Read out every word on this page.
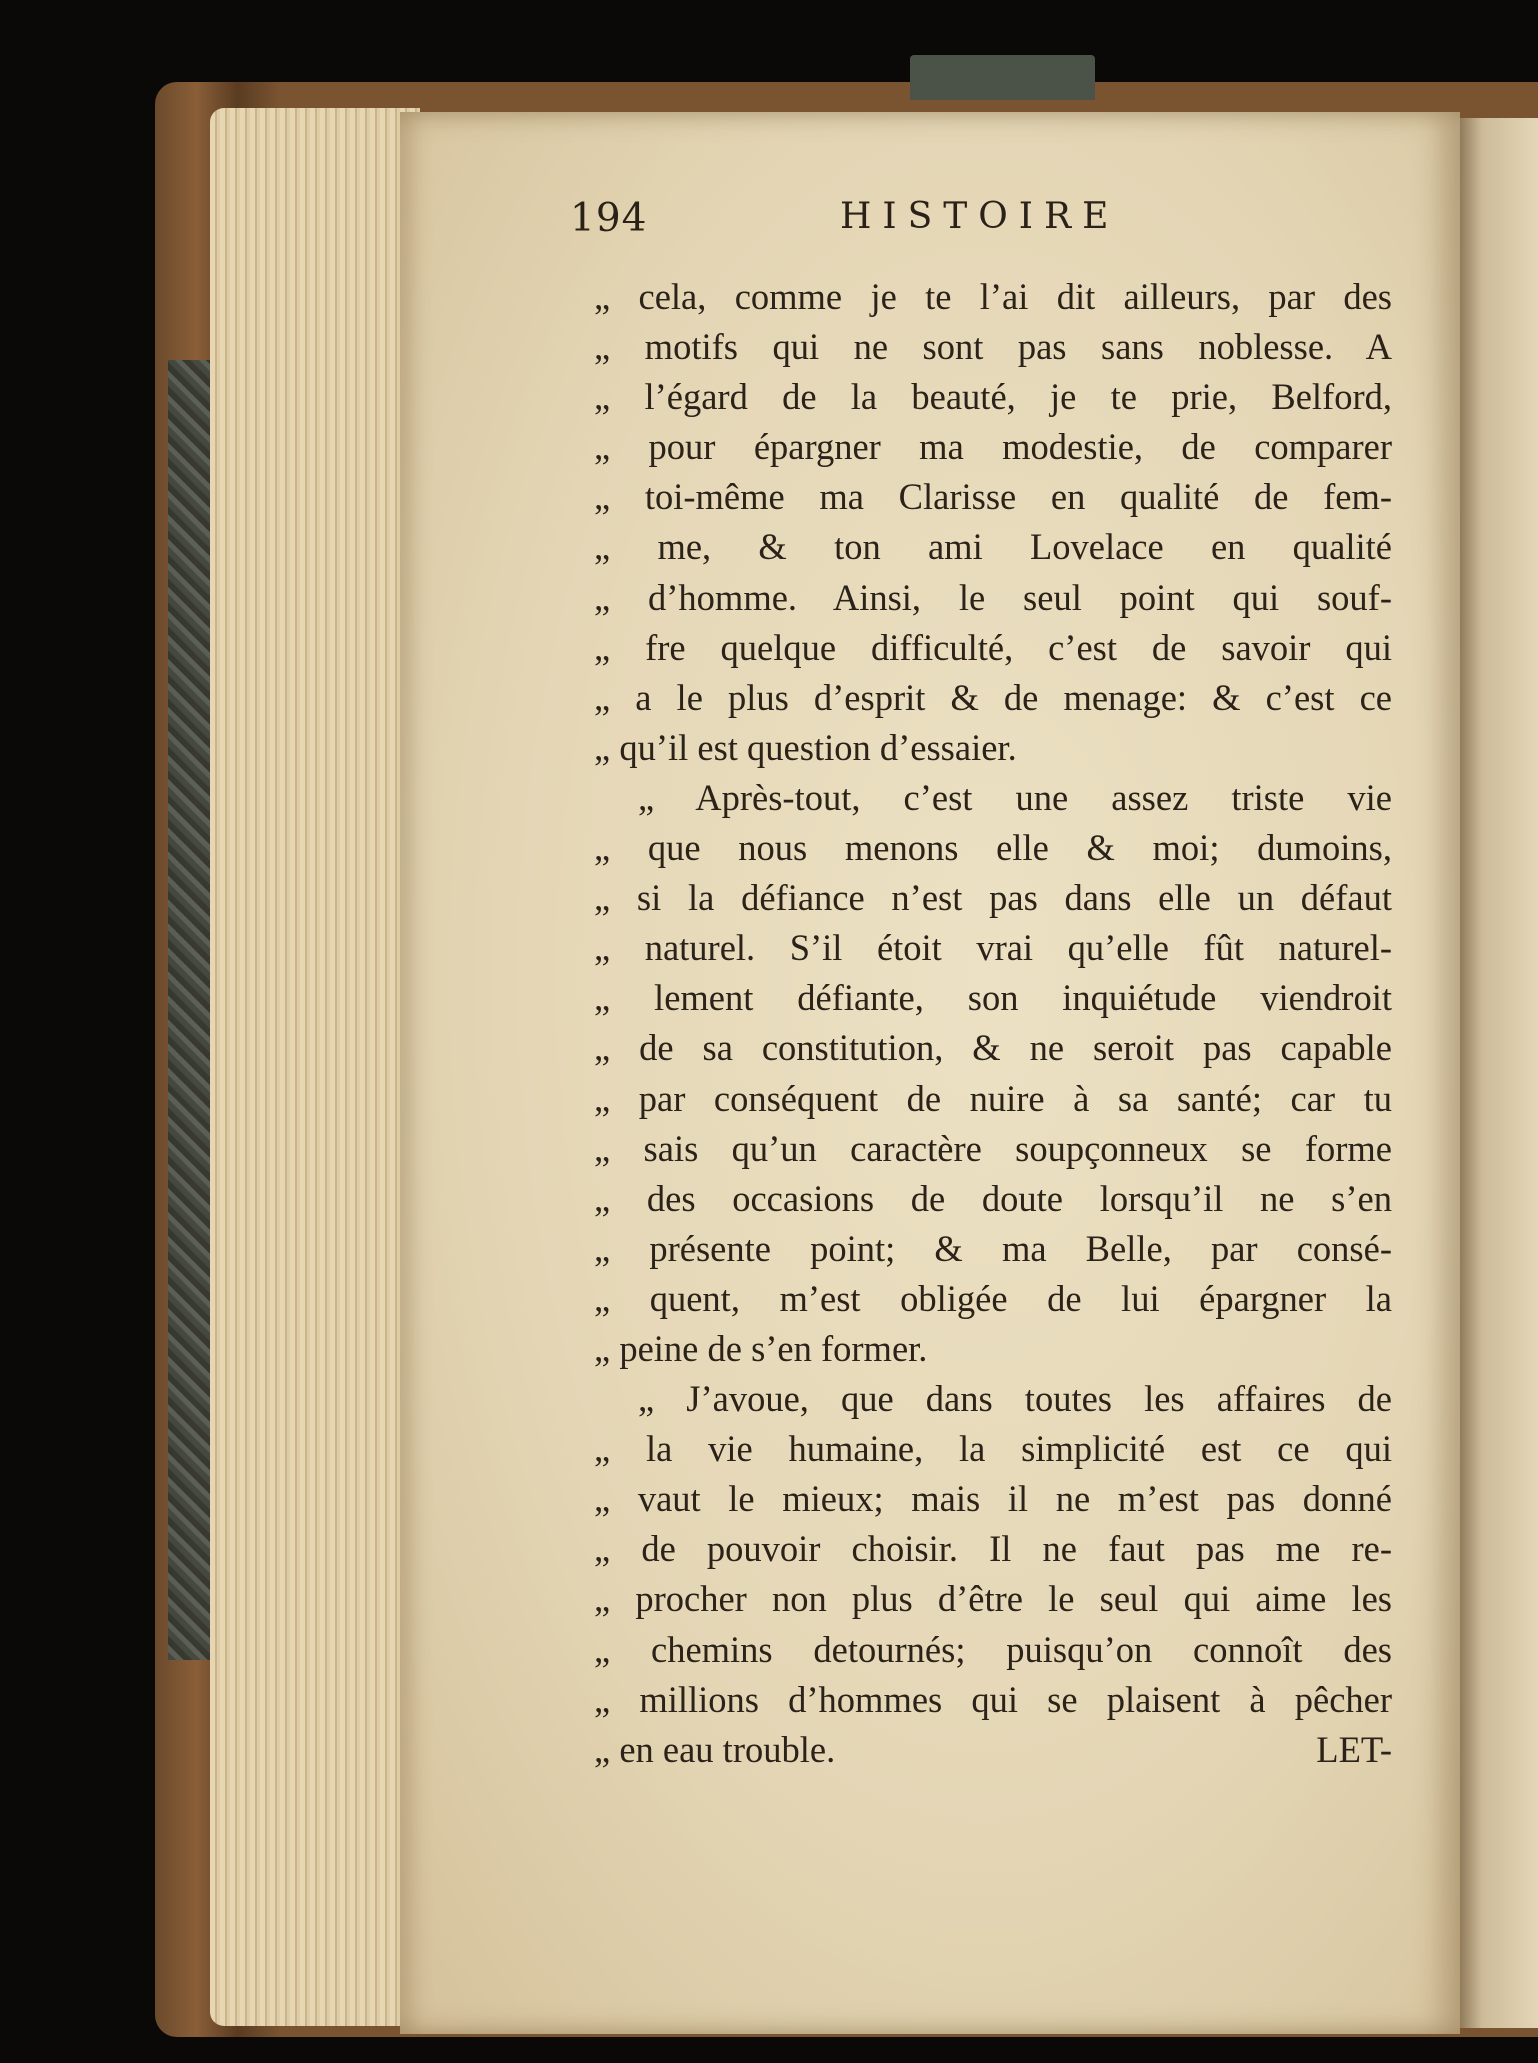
194	HISTOIRE
„ cela, comme je te l’ai dit ailleurs, par des
„ motifs qui ne sont pas sans noblesse. A
„ l’égard de la beauté, je te prie, Belford,
„ pour épargner ma modestie, de comparer
„ toi-même ma Clarisse en qualité de fem-
„ me, & ton ami Lovelace en qualité
„ d’homme. Ainsi, le seul point qui souf-
„ fre quelque difficulté, c’est de savoir qui
„ a le plus d’esprit & de menage: & c’est ce
„ qu’il est question d’essaier.
„ Après-tout, c’est une assez triste vie
„ que nous menons elle & moi; dumoins,
„ si la défiance n’est pas dans elle un défaut
„ naturel. S’il étoit vrai qu’elle fût naturel-
„ lement défiante, son inquiétude viendroit
„ de sa constitution, & ne seroit pas capable
„ par conséquent de nuire à sa santé; car tu
„ sais qu’un caractère soupçonneux se forme
„ des occasions de doute lorsqu’il ne s’en
„ présente point; & ma Belle, par consé-
„ quent, m’est obligée de lui épargner la
„ peine de s’en former.
„ J’avoue, que dans toutes les affaires de
„ la vie humaine, la simplicité est ce qui
„ vaut le mieux; mais il ne m’est pas donné
„ de pouvoir choisir. Il ne faut pas me re-
„ procher non plus d’être le seul qui aime les
„ chemins detournés; puisqu’on connoît des
„ millions d’hommes qui se plaisent à pêcher
„ en eau trouble.	LET-
